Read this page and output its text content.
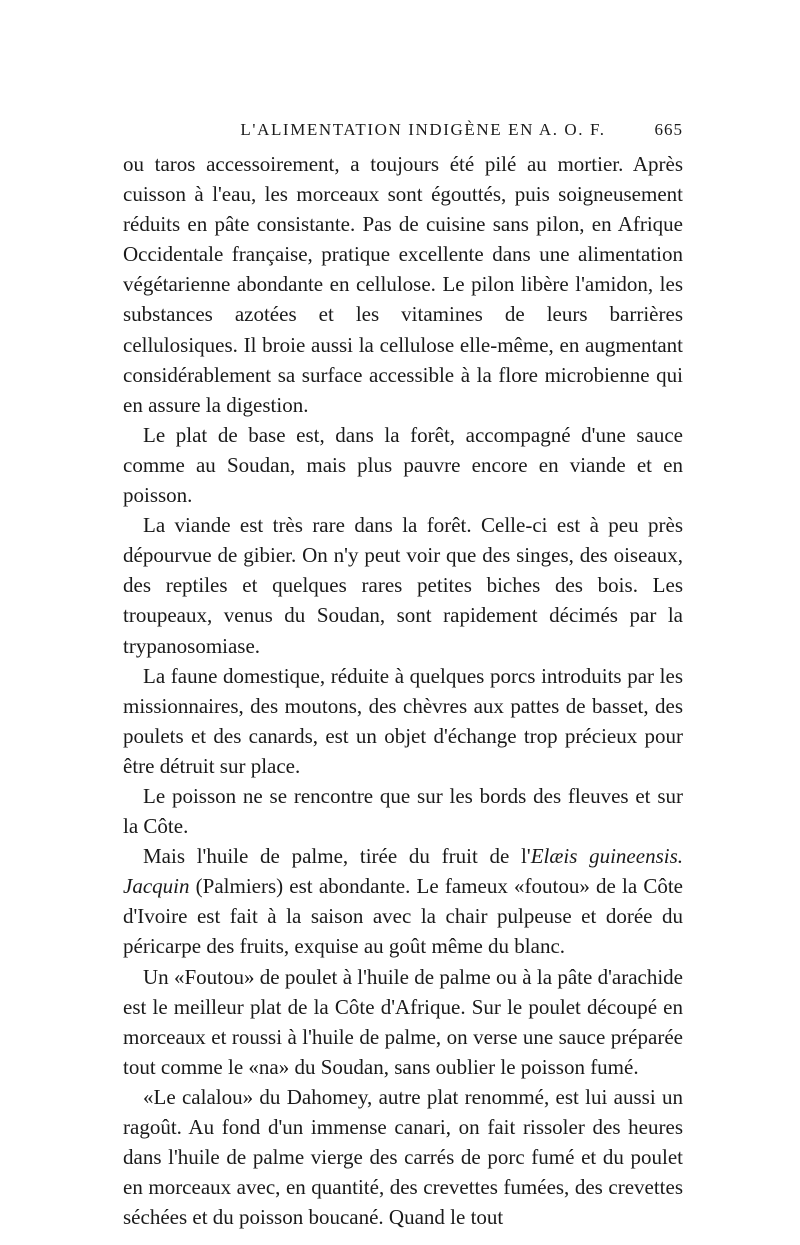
L'ALIMENTATION INDIGÈNE EN A. O. F.	665

ou taros accessoirement, a toujours été pilé au mortier. Après cuisson à l'eau, les morceaux sont égouttés, puis soigneusement réduits en pâte consistante. Pas de cuisine sans pilon, en Afrique Occidentale française, pratique excellente dans une alimentation végétarienne abondante en cellulose. Le pilon libère l'amidon, les substances azotées et les vitamines de leurs barrières cellulosiques. Il broie aussi la cellulose elle-même, en augmentant considérablement sa surface accessible à la flore microbienne qui en assure la digestion.

Le plat de base est, dans la forêt, accompagné d'une sauce comme au Soudan, mais plus pauvre encore en viande et en poisson.

La viande est très rare dans la forêt. Celle-ci est à peu près dépourvue de gibier. On n'y peut voir que des singes, des oiseaux, des reptiles et quelques rares petites biches des bois. Les troupeaux, venus du Soudan, sont rapidement décimés par la trypanosomiase.

La faune domestique, réduite à quelques porcs introduits par les missionnaires, des moutons, des chèvres aux pattes de basset, des poulets et des canards, est un objet d'échange trop précieux pour être détruit sur place.

Le poisson ne se rencontre que sur les bords des fleuves et sur la Côte.

Mais l'huile de palme, tirée du fruit de l'Elæis guineensis. Jacquin (Palmiers) est abondante. Le fameux «foutou» de la Côte d'Ivoire est fait à la saison avec la chair pulpeuse et dorée du péricarpe des fruits, exquise au goût même du blanc.

Un «Foutou» de poulet à l'huile de palme ou à la pâte d'arachide est le meilleur plat de la Côte d'Afrique. Sur le poulet découpé en morceaux et roussi à l'huile de palme, on verse une sauce préparée tout comme le «na» du Soudan, sans oublier le poisson fumé.

«Le calalou» du Dahomey, autre plat renommé, est lui aussi un ragoût. Au fond d'un immense canari, on fait rissoler des heures dans l'huile de palme vierge des carrés de porc fumé et du poulet en morceaux avec, en quantité, des crevettes fumées, des crevettes séchées et du poisson boucané. Quand le tout
